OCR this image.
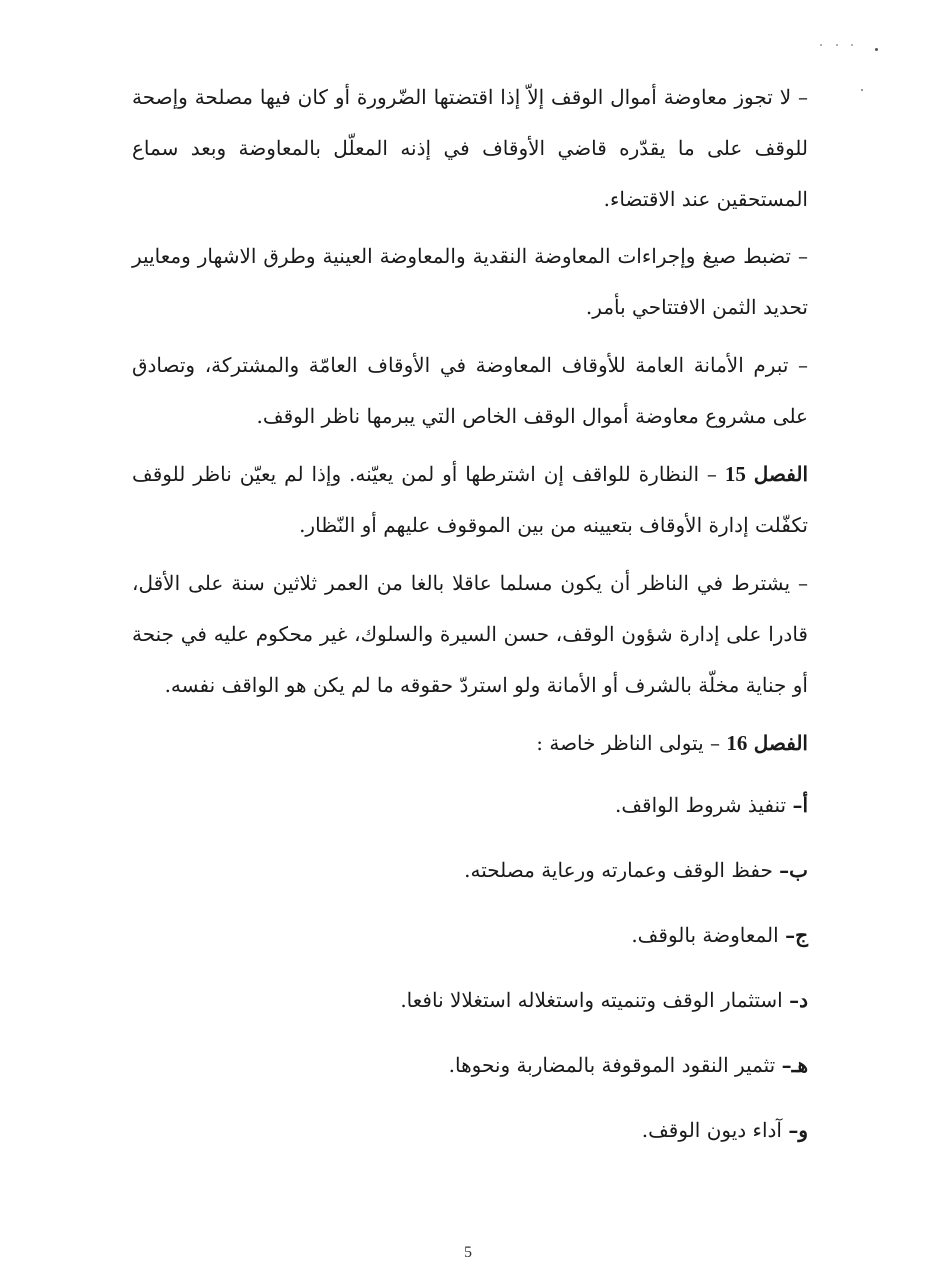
– لا تجوز معاوضة أموال الوقف إلاّ إذا اقتضتها الضّرورة أو كان فيها مصلحة وإصحة للوقف على ما يقدّره قاضي الأوقاف في إذنه المعلّل بالمعاوضة وبعد سماع المستحقين عند الاقتضاء.

– تضبط صيغ وإجراءات المعاوضة النقدية والمعاوضة العينية وطرق الاشهار ومعايير تحديد الثمن الافتتاحي بأمر.

– تبرم الأمانة العامة للأوقاف المعاوضة في الأوقاف العامّة والمشتركة، وتصادق على مشروع معاوضة أموال الوقف الخاص التي يبرمها ناظر الوقف.

الفصل 15 – النظارة للواقف إن اشترطها أو لمن يعيّنه. وإذا لم يعيّن ناظر للوقف تكفّلت إدارة الأوقاف بتعيينه من بين الموقوف عليهم أو النّظار.

– يشترط في الناظر أن يكون مسلما عاقلا بالغا من العمر ثلاثين سنة على الأقل، قادرا على إدارة شؤون الوقف، حسن السيرة والسلوك، غير محكوم عليه في جنحة أو جناية مخلّة بالشرف أو الأمانة ولو استردّ حقوقه ما لم يكن هو الواقف نفسه.

الفصل 16 – يتولى الناظر خاصة :

أ– تنفيذ شروط الواقف.

ب– حفظ الوقف وعمارته ورعاية مصلحته.

ج– المعاوضة بالوقف.

د– استثمار الوقف وتنميته واستغلاله استغلالا نافعا.

هـ– تثمير النقود الموقوفة بالمضاربة ونحوها.

و– آداء ديون الوقف.

5
